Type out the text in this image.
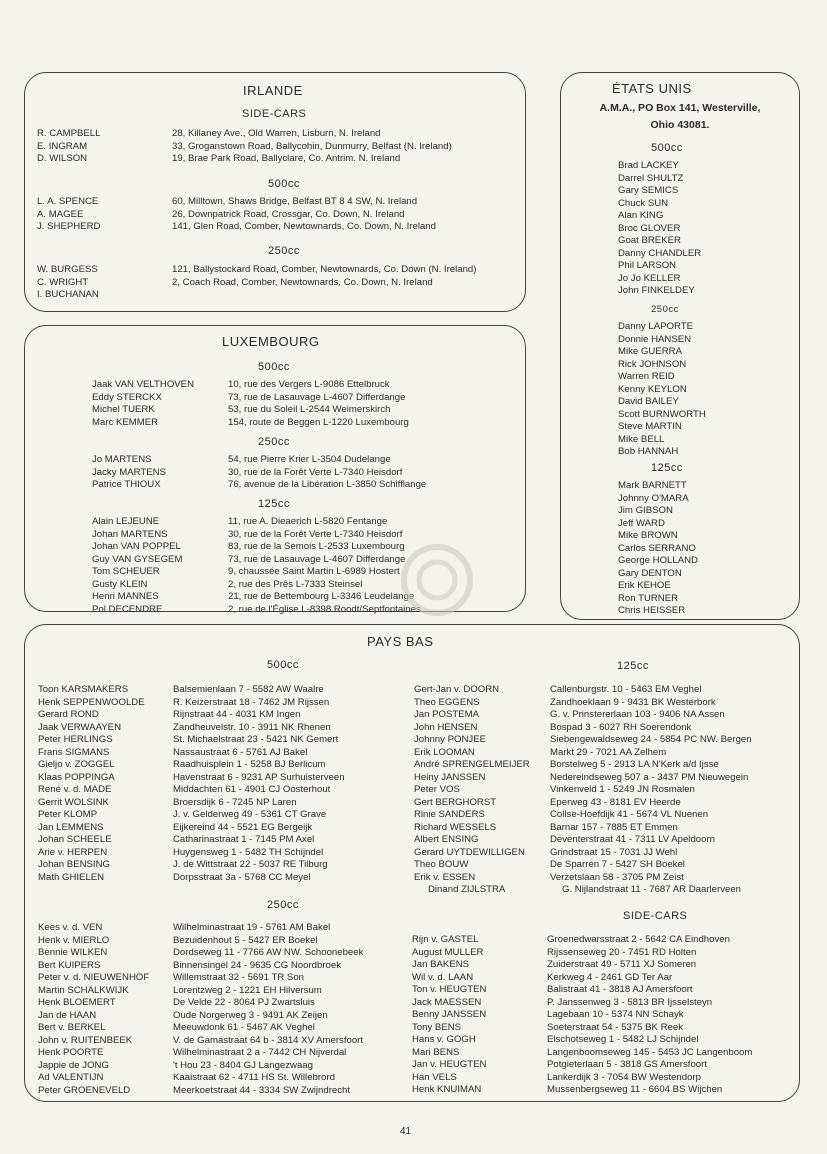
IRLANDE
SIDE-CARS
R. CAMPBELL
E. INGRAM
D. WILSON
28, Killaney Ave., Old Warren, Lisburn, N. Ireland
33, Groganstown Road, Ballycohin, Dunmurry, Belfast (N. Ireland)
19, Brae Park Road, Ballyclare, Co. Antrim. N. Ireland
500cc
L. A. SPENCE
A. MAGEE
J. SHEPHERD
60, Milltown, Shaws Bridge, Belfast BT 8 4 SW, N. Ireland
26, Downpatrick Road, Crossgar, Co. Down, N. Ireland
141, Glen Road, Comber, Newtownards, Co. Down, N. Ireland
250cc
W. BURGESS
C. WRIGHT
I. BUCHANAN
121, Ballystockard Road, Comber, Newtownards, Co. Down (N. Ireland)
2, Coach Road, Comber, Newtownards, Co. Down, N. Ireland
ÉTATS UNIS
A.M.A., PO Box 141, Westerville,
Ohio 43081.
500cc
Brad LACKEY
Darrel SHULTZ
Gary SEMICS
Chuck SUN
Alan KING
Broc GLOVER
Goat BREKER
Danny CHANDLER
Phil LARSON
Jo Jo KELLER
John FINKELDEY
250cc
Danny LAPORTE
Donnie HANSEN
Mike GUERRA
Rick JOHNSON
Warren REID
Kenny KEYLON
David BAILEY
Scott BURNWORTH
Steve MARTIN
Mike BELL
Bob HANNAH
125cc
Mark BARNETT
Johnny O'MARA
Jim GIBSON
Jeff WARD
Mike BROWN
Carlos SERRANO
George HOLLAND
Gary DENTON
Erik KEHOE
Ron TURNER
Chris HEISSER
LUXEMBOURG
500cc
Jaak VAN VELTHOVEN
Eddy STERCKX
Michel TUERK
Marc KEMMER
10, rue des Vergers L-9086 Ettelbruck
73, rue de Lasauvage L-4607 Differdange
53, rue du Soleil L-2544 Weimerskirch
154, route de Beggen L-1220 Luxembourg
250cc
Jo MARTENS
Jacky MARTENS
Patrice THIOUX
54, rue Pierre Krier L-3504 Dudelange
30, rue de la Forêt Verte L-7340 Heisdorf
76, avenue de la Libération L-3850 Schifflange
125cc
Alain LEJEUNE
Johan MARTENS
Johan VAN POPPEL
Guy VAN GYSEGEM
Tom SCHEUER
Gusty KLEIN
Henri MANNES
Pol DECENDRE
11, rue A. Dieaerich L-5820 Fentange
30, rue de la Forêt Verte L-7340 Heisdorf
83, rue de la Semois L-2533 Luxembourg
73, rue de Lasauvage L-4607 Differdange
9, chaussée Saint Martin L-6989 Hostert
2, rue des Prês L-7333 Steinsel
21, rue de Bettembourg L-3346 Leudelange
2, rue de l'Église L-8398 Roodt/Septfontaines
PAYS BAS
500cc
Toon KARSMAKERS
Henk SEPPENWOOLDE
Gerard ROND
Jaak VERWAAYEN
Peter HERLINGS
Frans SIGMANS
Gieljo v. ZOGGEL
Klaas POPPINGA
René v. d. MADE
Gerrit WOLSINK
Peter KLOMP
Jan LEMMENS
Johan SCHEELE
Arie v. HERPEN
Johan BENSING
Math GHIELEN
Balsemienlaan 7 - 5582 AW Waalre
R. Keizerstraat 18 - 7462 JM Rijssen
Rijnstraat 44 - 4031 KM Ingen
Zandheuvelstr. 10 - 3911 NK Rhenen
St. Michaelstraat 23 - 5421 NK Gemert
Nassaustraat 6 - 5761 AJ Bakel
Raadhuisplein 1 - 5258 BJ Berlicum
Havenstraat 6 - 9231 AP Surhuisterveen
Middachten 61 - 4901 CJ Oosterhout
Broersdijk 6 - 7245 NP Laren
J. v. Gelderweg 49 - 5361 CT Grave
Eijkereind 44 - 5521 EG Bergeijk
Catharinastraat 1 - 7145 PM Axel
Huygensweg 1 - 5482 TH Schijndel
J. de Wittstraat 22 - 5037 RE Tilburg
Dorpsstraat 3a - 5768 CC Meyel
250cc
Kees v. d. VEN
Henk v. MIERLO
Bennie WILKEN
Bert KUIPERS
Peter v. d. NIEUWENHOF
Martin SCHALKWIJK
Henk BLOEMERT
Jan de HAAN
Bert v. BERKEL
John v. RUITENBEEK
Henk POORTE
Jappie de JONG
Ad VALENTIJN
Peter GROENEVELD
Wilhelminastraat 19 - 5761 AM Bakel
Bezuidenhout 5 - 5427 ER Boekel
Dordseweg 11 - 7766 AW NW. Schoonebeek
Binnensingel 24 - 9635 CG Noordbroek
Willemstraat 32 - 5691 TR Son
Lorentzweg 2 - 1221 EH Hilversum
De Velde 22 - 8064 PJ Zwartsluis
Oude Norgerweg 3 - 9491 AK Zeijen
Meeuwdonk 61 - 5467 AK Veghel
V. de Gamastraat 64 b - 3814 XV Amersfoort
Wilhelminastraat 2 a - 7442 CH Nijverdal
't Hou 23 - 8404 GJ Langezwaag
Kaaistraat 62 - 4711 HS St. Willebrord
Meerkoetstraat 44 - 3334 SW Zwijndrecht
125cc
Gert-Jan v. DOORN
Theo EGGENS
Jan POSTEMA
John HENSEN
Johnny PONJEE
Erik LOOMAN
André SPRENGELMEIJER
Heiny JANSSEN
Peter VOS
Gert BERGHORST
Rinie SANDERS
Richard WESSELS
Albert ENSING
Gerard UYTDEWILLIGEN
Theo BOUW
Erik v. ESSEN
Dinand ZIJLSTRA
Callenburgstr. 10 - 5463 EM Veghel
Zandhoeklaan 9 - 9431 BK Westerbork
G. v. Prinstererlaan 103 - 9406 NA Assen
Bospad 3 - 6027 RH Soerendonk
Siebengewaldseweg 24 - 5854 PC NW. Bergen
Markt 29 - 7021 AA Zelhem
Borstelweg 5 - 2913 LA N'Kerk a/d Ijsse
Nedereindseweg 507 a - 3437 PM Nieuwegein
Vinkenveld 1 - 5249 JN Rosmalen
Eperweg 43 - 8181 EV Heerde
Collse-Hoefdijk 41 - 5674 VL Nuenen
Barnar 157 - 7885 ET Emmen
Deventerstraat 41 - 7311 LV Apeldoorn
Grindstraat 15 - 7031 JJ Wehl
De Sparren 7 - 5427 SH Boekel
Verzetslaan 58 - 3705 PM Zeist
G. Nijlandstraat 11 - 7687 AR Daarlerveen
SIDE-CARS
Rijn v. GASTEL
August MULLER
Jan BAKENS
Wil v. d. LAAN
Ton v. HEUGTEN
Jack MAESSEN
Benny JANSSEN
Tony BENS
Hans v. GOGH
Mari BENS
Jan v. HEUGTEN
Han VELS
Henk KNUIMAN
Groenedwarsstraat 2 - 5642 CA Eindhoven
Rijssenseweg 20 - 7451 RD Holten
Zuiderstraat 49 - 5711 XJ Someren
Kerkweg 4 - 2461 GD Ter Aar
Balistraat 41 - 3818 AJ Amersfoort
P. Janssenweg 3 - 5813 BR Ijsselsteyn
Lagebaan 10 - 5374 NN Schayk
Soeterstraat 54 - 5375 BK Reek
Elschotseweg 1 - 5482 LJ Schijndel
Langenboomseweg 145 - 5453 JC Langenboom
Potgieterlaan 5 - 3818 GS Amersfoort
Lankerdijk 3 - 7054 BW Westendorp
Mussenbergseweg 11 - 6604 BS Wijchen
41
